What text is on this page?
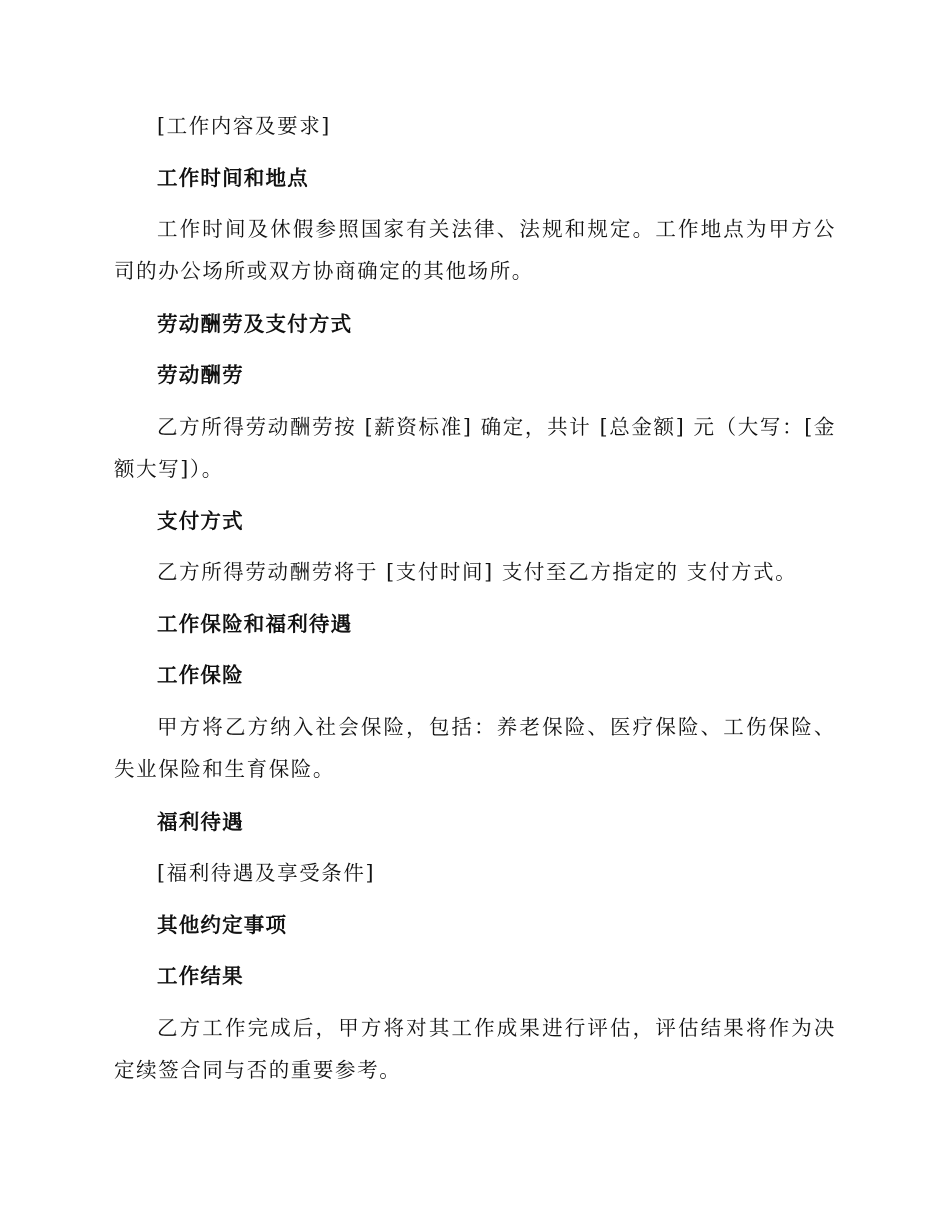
[工作内容及要求]

工作时间和地点

工作时间及休假参照国家有关法律、法规和规定。工作地点为甲方公司的办公场所或双方协商确定的其他场所。

劳动酬劳及支付方式

劳动酬劳

乙方所得劳动酬劳按 [薪资标准] 确定，共计 [总金额] 元（大写：[金额大写]）。

支付方式

乙方所得劳动酬劳将于 [支付时间] 支付至乙方指定的 支付方式。

工作保险和福利待遇

工作保险

甲方将乙方纳入社会保险，包括：养老保险、医疗保险、工伤保险、失业保险和生育保险。

福利待遇

[福利待遇及享受条件]

其他约定事项

工作结果

乙方工作完成后，甲方将对其工作成果进行评估，评估结果将作为决定续签合同与否的重要参考。
